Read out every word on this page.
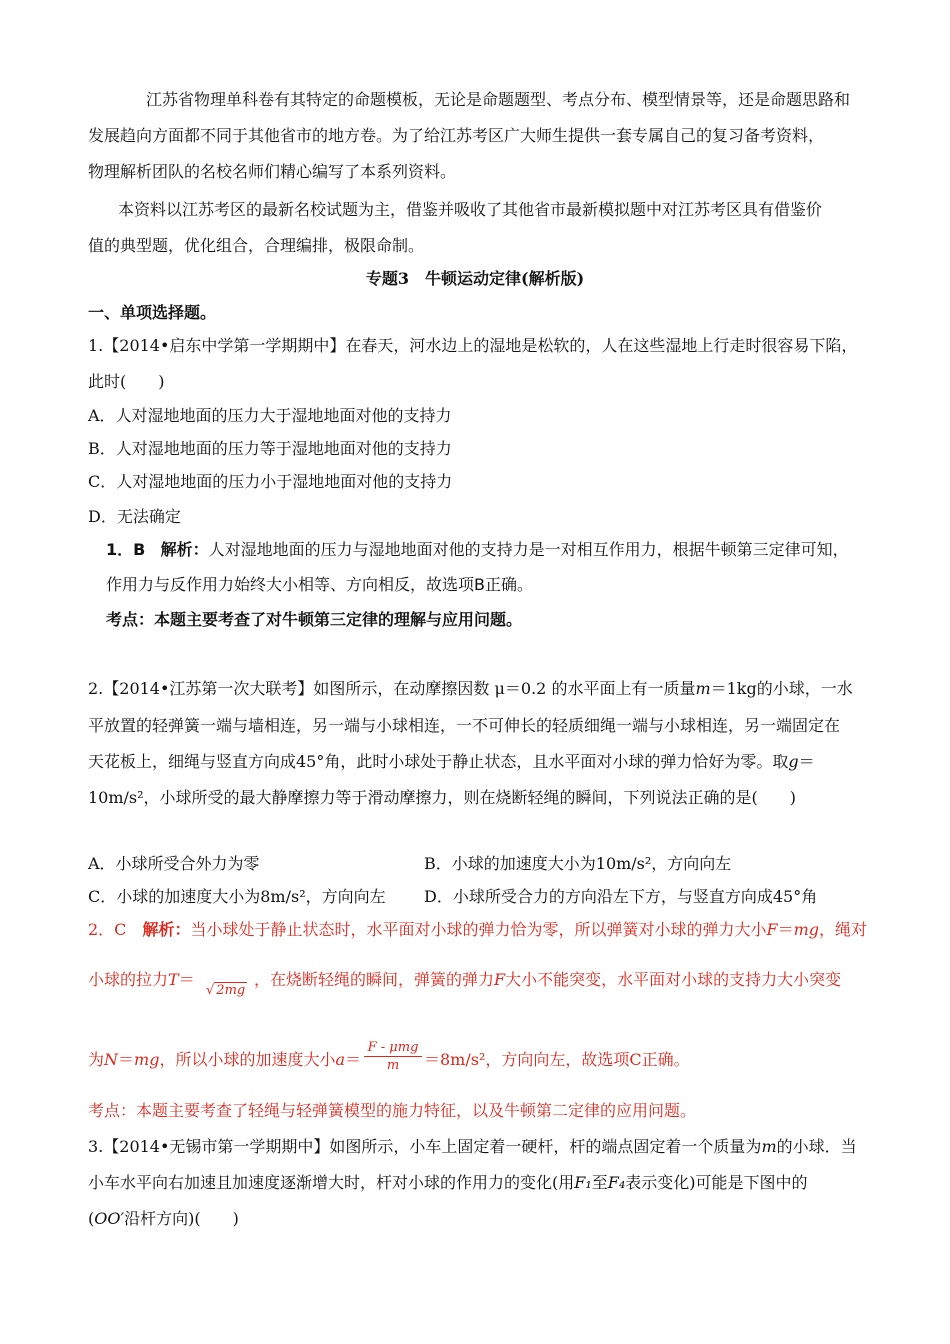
江苏省物理单科卷有其特定的命题模板，无论是命题题型、考点分布、模型情景等，还是命题思路和
发展趋向方面都不同于其他省市的地方卷。为了给江苏考区广大师生提供一套专属自己的复习备考资料，
物理解析团队的名校名师们精心编写了本系列资料。
本资料以江苏考区的最新名校试题为主，借鉴并吸收了其他省市最新模拟题中对江苏考区具有借鉴价
值的典型题，优化组合，合理编排，极限命制。
专题3　牛顿运动定律(解析版)
一、单项选择题。
1.【2014•启东中学第一学期期中】在春天，河水边上的湿地是松软的，人在这些湿地上行走时很容易下陷，
此时(　　)
A．人对湿地地面的压力大于湿地地面对他的支持力
B．人对湿地地面的压力等于湿地地面对他的支持力
C．人对湿地地面的压力小于湿地地面对他的支持力
D．无法确定
1．B 解析：人对湿地地面的压力与湿地地面对他的支持力是一对相互作用力，根据牛顿第三定律可知，
作用力与反作用力始终大小相等、方向相反，故选项B正确。
考点：本题主要考查了对牛顿第三定律的理解与应用问题。
2.【2014•江苏第一次大联考】如图所示，在动摩擦因数 μ＝0.2 的水平面上有一质量m＝1kg的小球，一水
平放置的轻弹簧一端与墙相连，另一端与小球相连，一不可伸长的轻质细绳一端与小球相连，另一端固定在
天花板上，细绳与竖直方向成45°角，此时小球处于静止状态，且水平面对小球的弹力恰好为零。取g＝
10m/s²，小球所受的最大静摩擦力等于滑动摩擦力，则在烧断轻绳的瞬间，下列说法正确的是(　　)
A．小球所受合外力为零	B．小球的加速度大小为10m/s²，方向向左
C．小球的加速度大小为8m/s²，方向向左 D．小球所受合力的方向沿左下方，与竖直方向成45°角
2．C　解析：当小球处于静止状态时，水平面对小球的弹力恰为零，所以弹簧对小球的弹力大小F＝mg，绳对
小球的拉力T＝
√ 2mg
，在烧断轻绳的瞬间，弹簧的弹力F大小不能突变，水平面对小球的支持力大小突变
为N＝mg，所以小球的加速度大小a＝
F - μmg
m	＝8m/s²，方向向左，故选项C正确。
考点：本题主要考查了轻绳与轻弹簧模型的施力特征，以及牛顿第二定律的应用问题。
3.【2014•无锡市第一学期期中】如图所示，小车上固定着一硬杆，杆的端点固定着一个质量为m的小球．当
小车水平向右加速且加速度逐渐增大时，杆对小球的作用力的变化(用F₁至F₄表示变化)可能是下图中的
(OO′沿杆方向)(　　)
